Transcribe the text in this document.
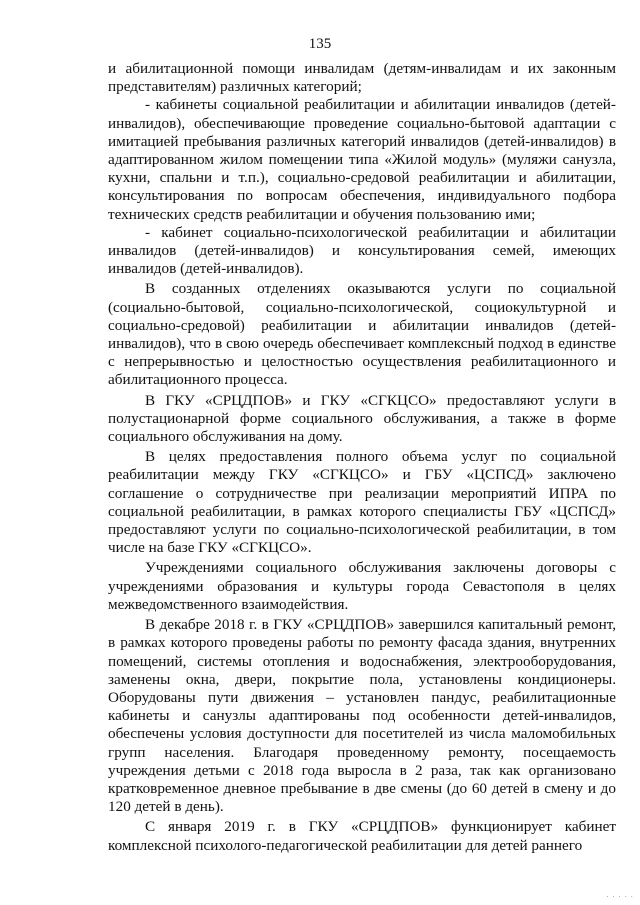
135

и абилитационной помощи инвалидам (детям-инвалидам и их законным представителям) различных категорий;

- кабинеты социальной реабилитации и абилитации инвалидов (детей-инвалидов), обеспечивающие проведение социально-бытовой адаптации с имитацией пребывания различных категорий инвалидов (детей-инвалидов) в адаптированном жилом помещении типа «Жилой модуль» (муляжи санузла, кухни, спальни и т.п.), социально-средовой реабилитации и абилитации, консультирования по вопросам обеспечения, индивидуального подбора технических средств реабилитации и обучения пользованию ими;

- кабинет социально-психологической реабилитации и абилитации инвалидов (детей-инвалидов) и консультирования семей, имеющих инвалидов (детей-инвалидов).

В созданных отделениях оказываются услуги по социальной (социально-бытовой, социально-психологической, социокультурной и социально-средовой) реабилитации и абилитации инвалидов (детей-инвалидов), что в свою очередь обеспечивает комплексный подход в единстве с непрерывностью и целостностью осуществления реабилитационного и абилитационного процесса.

В ГКУ «СРЦДПОВ» и ГКУ «СГКЦСО» предоставляют услуги в полустационарной форме социального обслуживания, а также в форме социального обслуживания на дому.

В целях предоставления полного объема услуг по социальной реабилитации между ГКУ «СГКЦСО» и ГБУ «ЦСПСД» заключено соглашение о сотрудничестве при реализации мероприятий ИПРА по социальной реабилитации, в рамках которого специалисты ГБУ «ЦСПСД» предоставляют услуги по социально-психологической реабилитации, в том числе на базе ГКУ «СГКЦСО».

Учреждениями социального обслуживания заключены договоры с учреждениями образования и культуры города Севастополя в целях межведомственного взаимодействия.

В декабре 2018 г. в ГКУ «СРЦДПОВ» завершился капитальный ремонт, в рамках которого проведены работы по ремонту фасада здания, внутренних помещений, системы отопления и водоснабжения, электрооборудования, заменены окна, двери, покрытие пола, установлены кондиционеры. Оборудованы пути движения – установлен пандус, реабилитационные кабинеты и санузлы адаптированы под особенности детей-инвалидов, обеспечены условия доступности для посетителей из числа маломобильных групп населения. Благодаря проведенному ремонту, посещаемость учреждения детьми с 2018 года выросла в 2 раза, так как организовано кратковременное дневное пребывание в две смены (до 60 детей в смену и до 120 детей в день).

С января 2019 г. в ГКУ «СРЦДПОВ» функционирует кабинет комплексной психолого-педагогической реабилитации для детей раннего

· · · · ·
